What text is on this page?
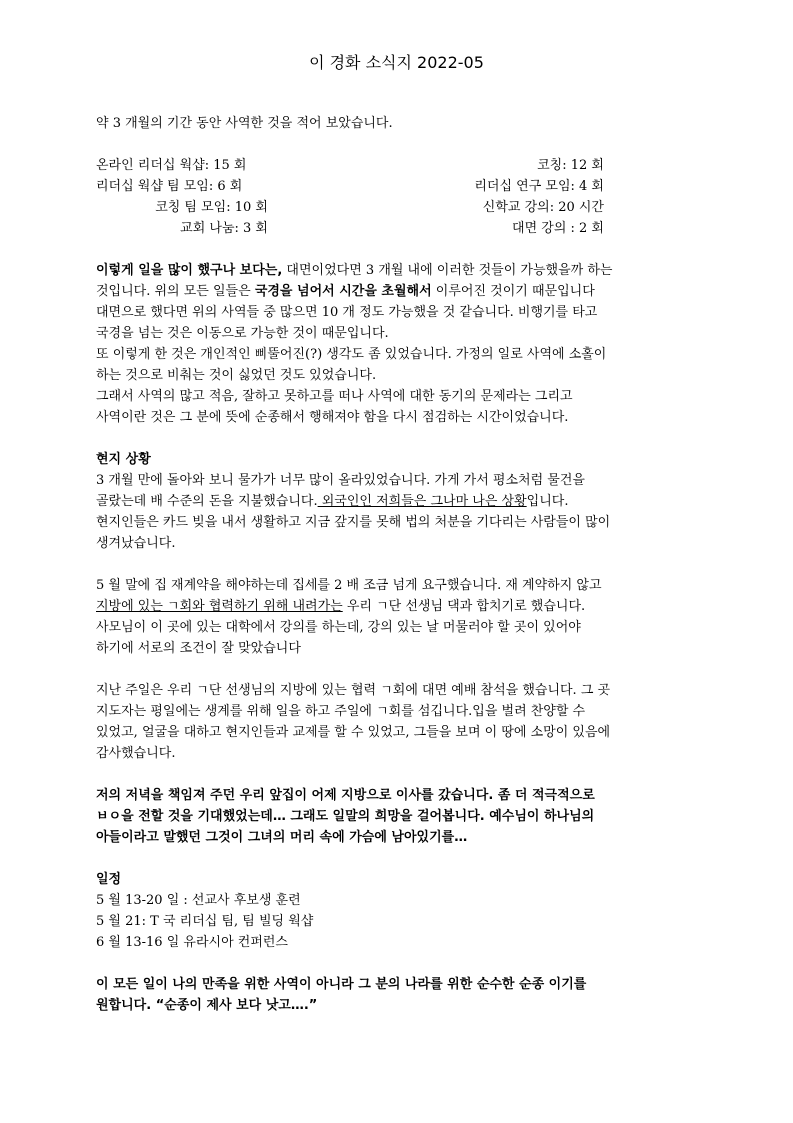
이 경화 소식지 2022-05
약 3 개월의 기간 동안 사역한 것을 적어 보았습니다.
온라인 리더십 웍샵: 15 회
리더십 웍샵 팀 모임: 6 회
코칭 팀 모임: 10 회
교회 나눔: 3 회
코칭: 12 회
리더십 연구 모임: 4 회
신학교 강의: 20 시간
대면 강의 : 2 회
이렇게 일을 많이 했구나 보다는, 대면이었다면 3 개월 내에 이러한 것들이 가능했을까 하는
것입니다. 위의 모든 일들은 국경을 넘어서 시간을 초월해서 이루어진 것이기 때문입니다
대면으로 했다면 위의 사역들 중 많으면 10 개 정도 가능했을 것 같습니다. 비행기를 타고
국경을 넘는 것은 이동으로 가능한 것이 때문입니다.
또 이렇게 한 것은 개인적인 삐뚤어진(?) 생각도 좀 있었습니다. 가정의 일로 사역에 소홀이
하는 것으로 비춰는 것이 싫었던 것도 있었습니다.
그래서 사역의 많고 적음, 잘하고 못하고를 떠나 사역에 대한 동기의 문제라는 그리고
사역이란 것은 그 분에 뜻에 순종해서 행해져야 함을 다시 점검하는 시간이었습니다.
현지 상황
3 개월 만에 돌아와 보니 물가가 너무 많이 올라있었습니다. 가게 가서 평소처럼 물건을
골랐는데 배 수준의 돈을 지불했습니다. 외국인인 저희들은 그나마 나은 상황입니다.
현지인들은 카드 빚을 내서 생활하고 지금 갚지를 못해 법의 처분을 기다리는 사람들이 많이
생겨났습니다.
5 월 말에 집 재계약을 해야하는데 집세를 2 배 조금 넘게 요구했습니다. 재 계약하지 않고
지방에 있는 ㄱ회와 협력하기 위해 내려가는 우리 ㄱ단 선생님 댁과 합치기로 했습니다.
사모님이 이 곳에 있는 대학에서 강의를 하는데, 강의 있는 날 머물러야 할 곳이 있어야
하기에 서로의 조건이 잘 맞았습니다
지난 주일은 우리 ㄱ단 선생님의 지방에 있는 협력 ㄱ회에 대면 예배 참석을 했습니다. 그 곳
지도자는 평일에는 생계를 위해 일을 하고 주일에 ㄱ회를 섬깁니다.입을 벌려 찬양할 수
있었고, 얼굴을 대하고 현지인들과 교제를 할 수 있었고, 그들을 보며 이 땅에 소망이 있음에
감사했습니다.
저의 저녁을 책임져 주던 우리 앞집이 어제 지방으로 이사를 갔습니다. 좀 더 적극적으로
ㅂㅇ을 전할 것을 기대했었는데… 그래도 일말의 희망을 걸어봅니다. 예수님이 하나님의
아들이라고 말했던 그것이 그녀의 머리 속에 가슴에 남아있기를…
일정
5 월 13-20 일 : 선교사 후보생 훈련
5 월 21: T 국 리더십 팀, 팀 빌딩 웍샵
6 월 13-16 일 유라시아 컨퍼런스
이 모든 일이 나의 만족을 위한 사역이 아니라 그 분의 나라를 위한 순수한 순종 이기를
원합니다. “순종이 제사 보다 낫고….”
